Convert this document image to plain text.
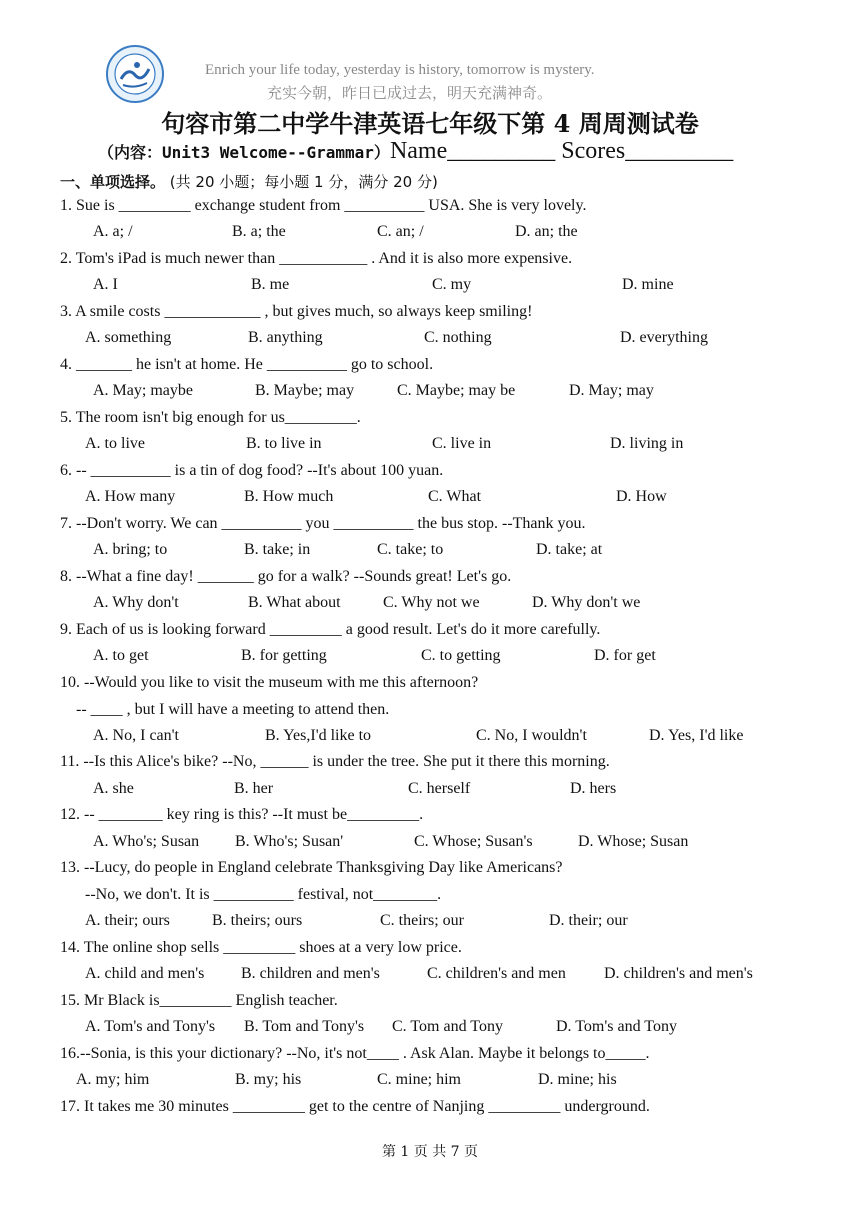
Enrich your life today, yesterday is history, tomorrow is mystery.
充实今朝，昨日已成过去，明天充满神奇。
句容市第二中学牛津英语七年级下第 4 周周测试卷
（内容：Unit3 Welcome--Grammar）Name_________ Scores_________
一、单项选择。 (共 20 小题；每小题 1 分，满分 20 分)
1. Sue is _________ exchange student from __________ USA. She is very lovely.
A. a; /	B. a; the	C. an; /	D. an; the
2. Tom's iPad is much newer than ___________ . And it is also more expensive.
A. I	B. me	C. my	D. mine
3. A smile costs ____________ , but gives much, so always keep smiling!
A. something	B. anything	C. nothing	D. everything
4. _______ he isn't at home. He __________ go to school.
A. May; maybe	B. Maybe; may	C. Maybe; may be	D. May; may
5. The room isn't big enough for us_________.
A. to live	B. to live in	C. live in	D. living in
6. -- __________ is a tin of dog food? --It's about 100 yuan.
A. How many	B. How much	C. What	D. How
7. --Don't worry. We can __________ you __________ the bus stop. --Thank you.
A. bring; to	B. take; in	C. take; to	D. take; at
8. --What a fine day! _______ go for a walk? --Sounds great! Let's go.
A. Why don't	B. What about	C. Why not we	D. Why don't we
9. Each of us is looking forward _________ a good result. Let's do it more carefully.
A. to get	B. for getting	C. to getting	D. for get
10. --Would you like to visit the museum with me this afternoon?
-- ____ , but I will have a meeting to attend then.
A. No, I can't	B. Yes,I'd like to	C. No, I wouldn't	D. Yes, I'd like
11. --Is this Alice's bike? --No, ______ is under the tree. She put it there this morning.
A. she	B. her	C. herself	D. hers
12. -- ________ key ring is this? --It must be_________.
A. Who's; Susan B. Who's; Susan'	C. Whose; Susan's	D. Whose; Susan
13. --Lucy, do people in England celebrate Thanksgiving Day like Americans?
--No, we don't. It is __________ festival, not________.
A. their; ours	B. theirs; ours	C. theirs; our	D. their; our
14. The online shop sells _________ shoes at a very low price.
A. child and men's B. children and men's	C. children's and men D. children's and men's
15. Mr Black is_________ English teacher.
A. Tom's and Tony's B. Tom and Tony's C. Tom and Tony	D. Tom's and Tony
16.--Sonia, is this your dictionary? --No, it's not____ . Ask Alan. Maybe it belongs to_____.
A. my; him	B. my; his	C. mine; him	D. mine; his
17. It takes me 30 minutes _________ get to the centre of Nanjing _________ underground.
第 1 页 共 7 页
